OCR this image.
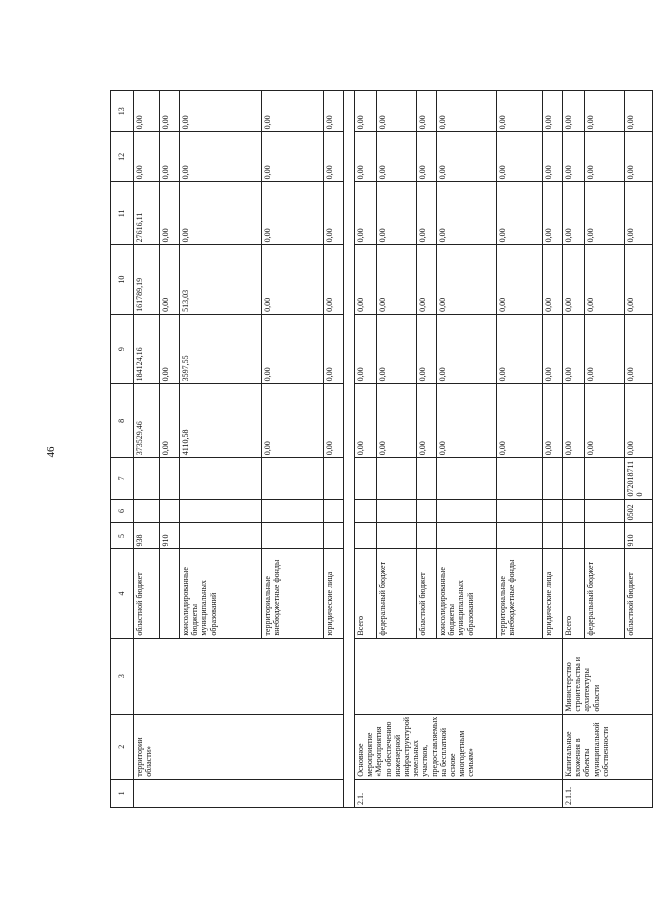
46
1	2	3	4	5	6	7	8	9	10	11	12	13
	территории области»		областной бюджет	938			373529,46	184124,16	161789,19	27616,11	0,00	0,00
				910			0,00	0,00	0,00	0,00	0,00	0,00
			консолидированные бюджеты муниципальных образований				4110,58	3597,55	513,03	0,00	0,00	0,00
			территориальные внебюджетные фонды				0,00	0,00	0,00	0,00	0,00	0,00
			юридические лица				0,00	0,00	0,00	0,00	0,00	0,00

2.1.	Основное мероприятие «Мероприятия по обеспечению инженерной инфраструктурой земельных участков, предоставляемых на бесплатной основе многодетным семьям»		Всего				0,00	0,00	0,00	0,00	0,00	0,00
			федеральный бюджет				0,00	0,00	0,00	0,00	0,00	0,00
			областной бюджет				0,00	0,00	0,00	0,00	0,00	0,00
			консолидированные бюджеты муниципальных образований				0,00	0,00	0,00	0,00	0,00	0,00
			территориальные внебюджетные фонды				0,00	0,00	0,00	0,00	0,00	0,00
			юридические лица				0,00	0,00	0,00	0,00	0,00	0,00
2.1.1.	Капитальные вложения в объекты муниципальной собственности	Министерство строительства и архитектуры области	Всего				0,00	0,00	0,00	0,00	0,00	0,00
			федеральный бюджет				0,00	0,00	0,00	0,00	0,00	0,00
			областной бюджет	910	0502	0720187110	0,00	0,00	0,00	0,00	0,00	0,00
